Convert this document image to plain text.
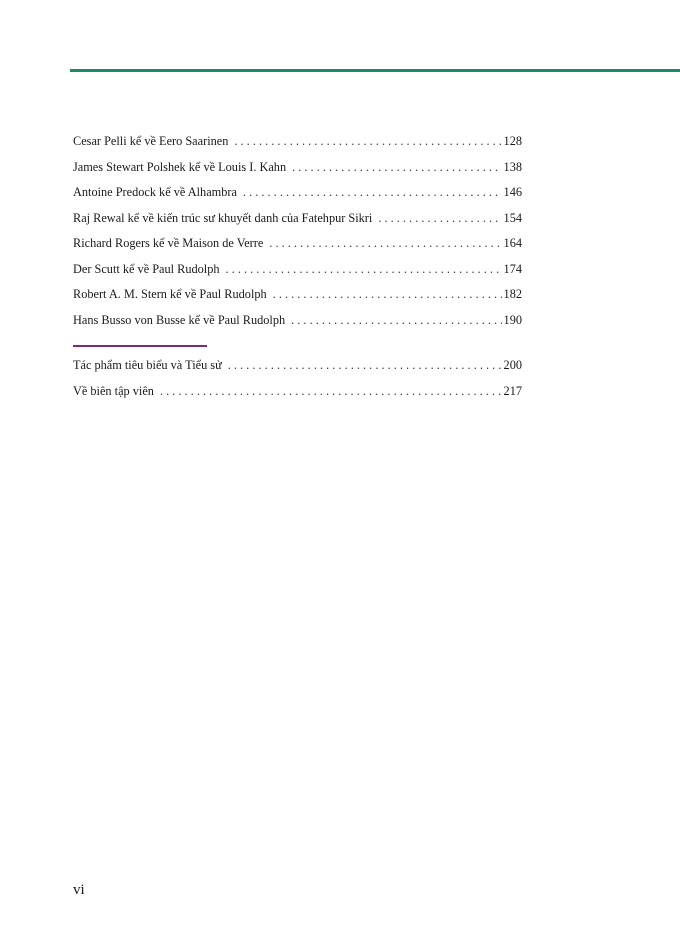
Cesar Pelli kể về Eero Saarinen . . .	128
James Stewart Polshek kể về Louis I. Kahn . . .	138
Antoine Predock kể về Alhambra . . .	146
Raj Rewal kể về kiến trúc sư khuyết danh của Fatehpur Sikri . . .	154
Richard Rogers kể về Maison de Verre . . .	164
Der Scutt kể về Paul Rudolph . . .	174
Robert A. M. Stern kể về Paul Rudolph . . .	182
Hans Busso von Busse kể về Paul Rudolph . . .	190
Tác phẩm tiêu biểu và Tiểu sử . . .	200
Về biên tập viên . . .	217
vi
